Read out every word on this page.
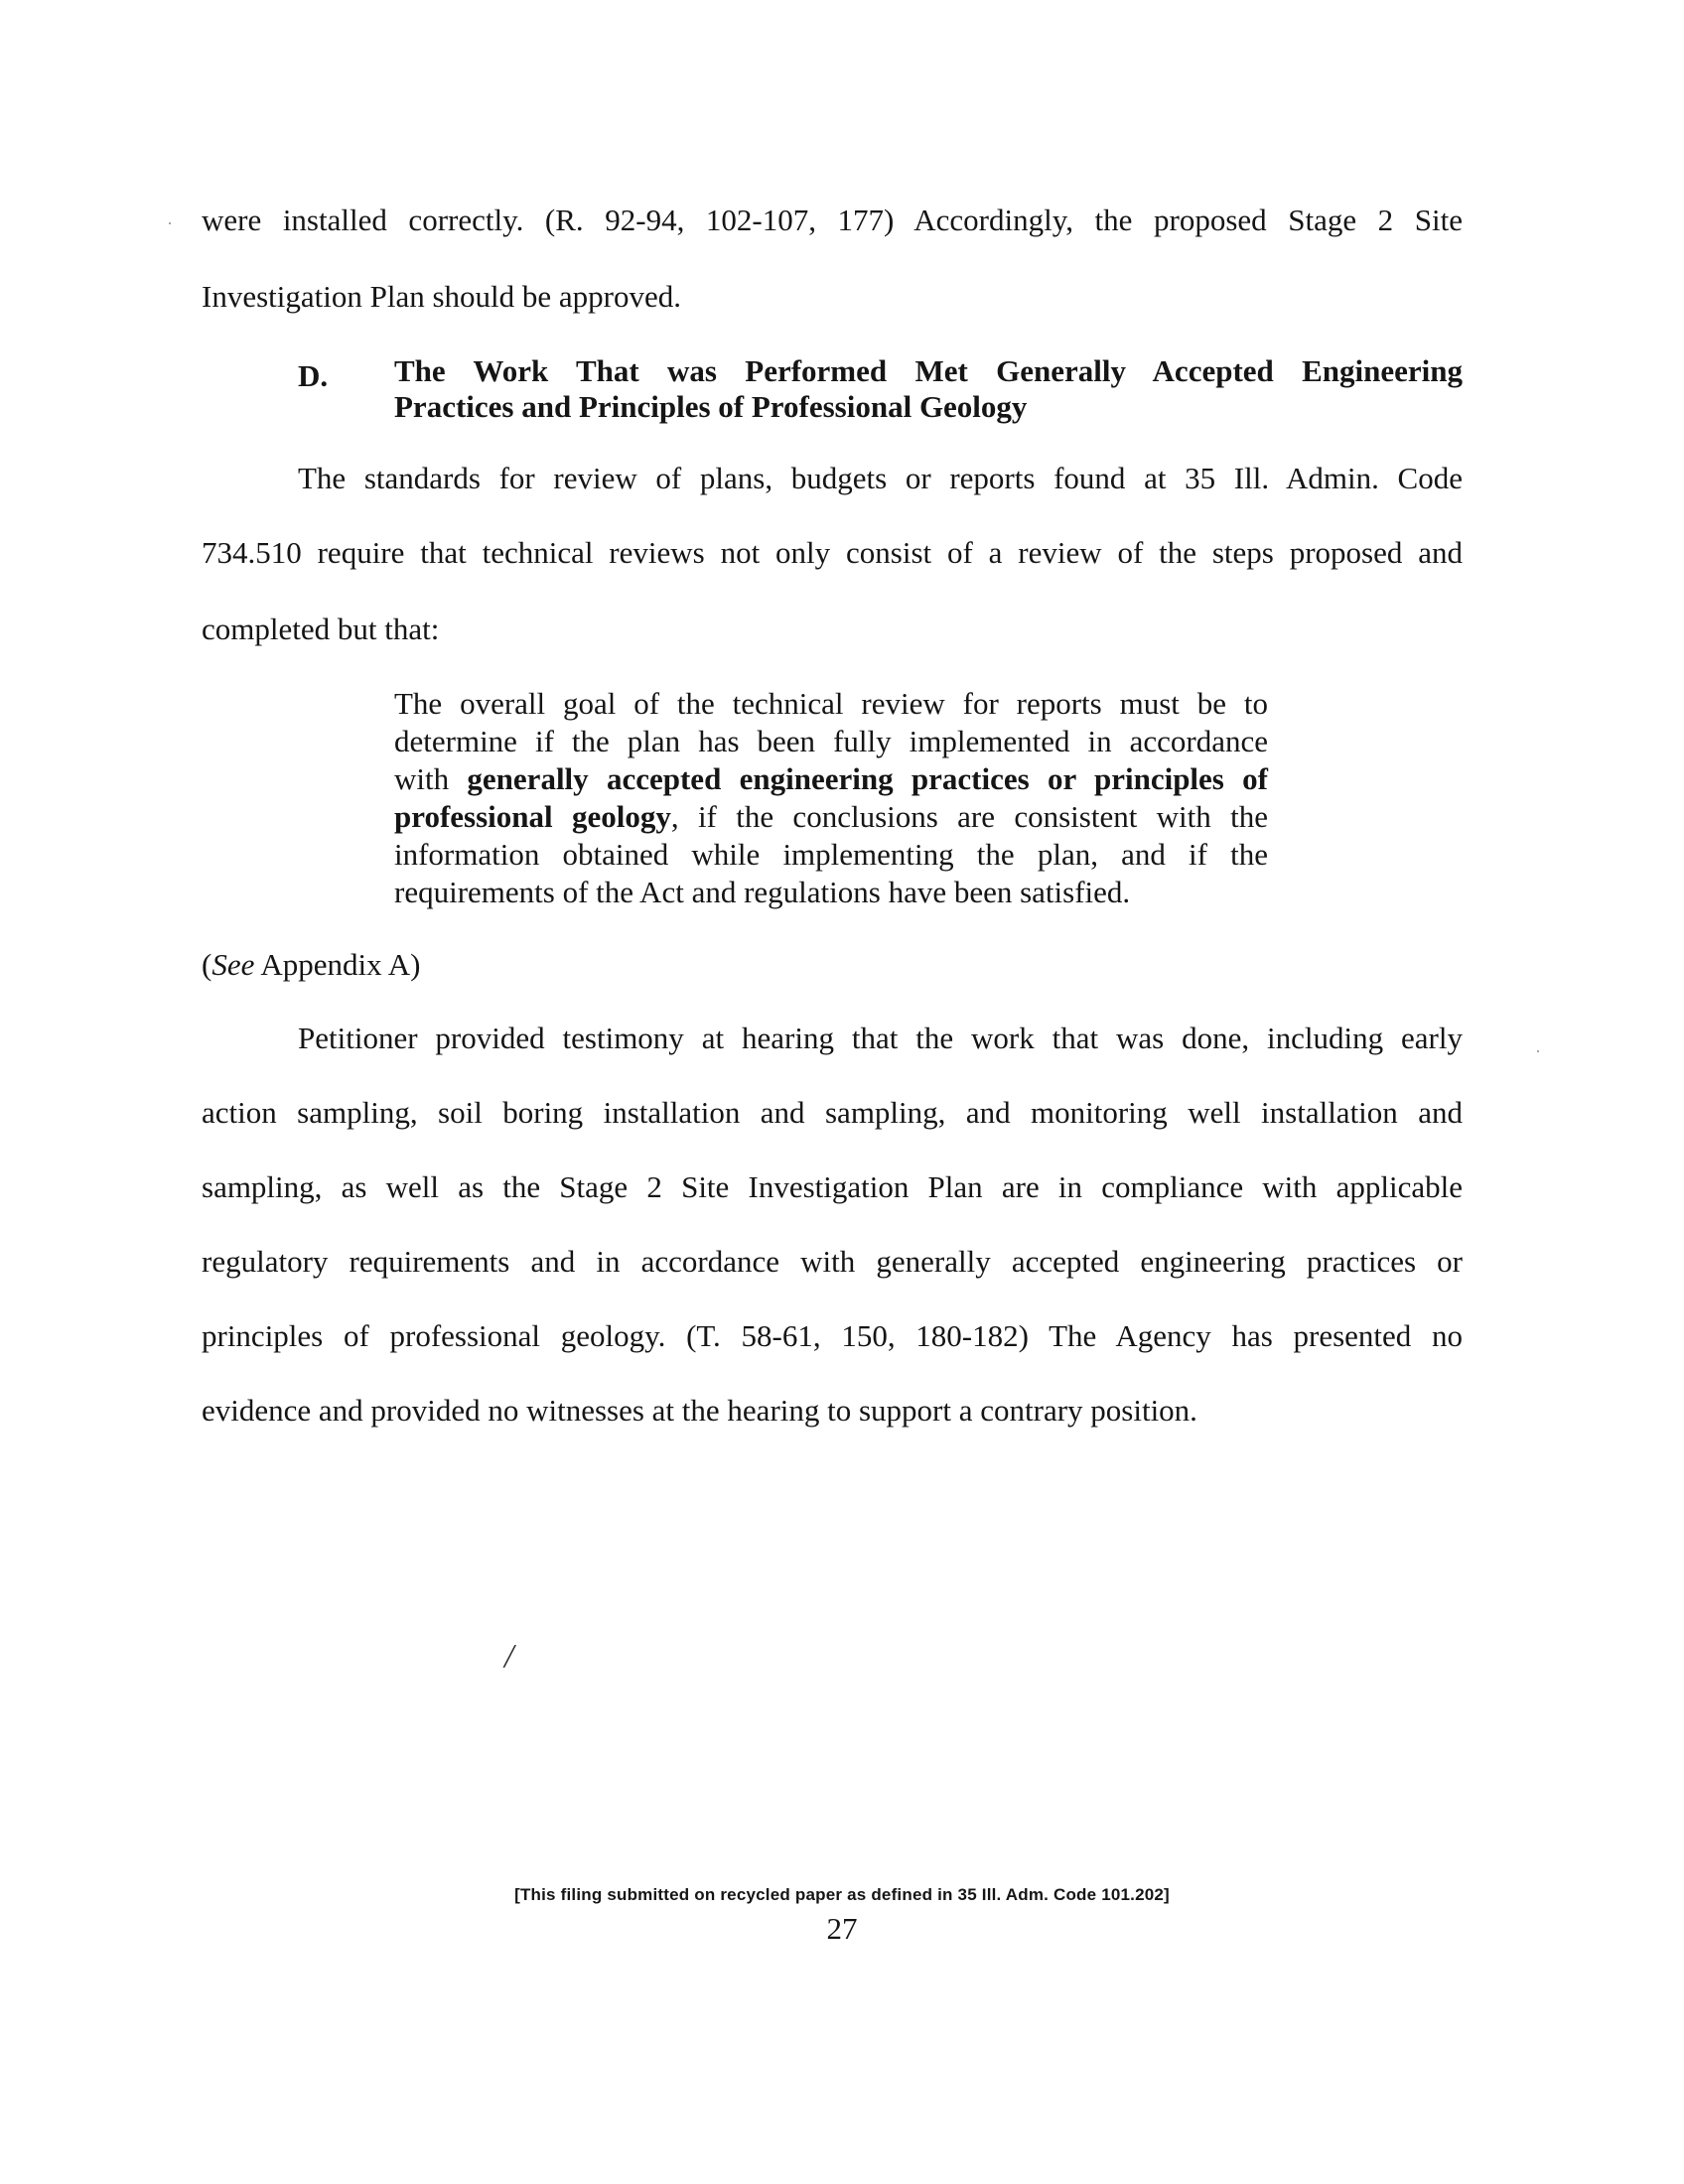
were installed correctly. (R. 92-94, 102-107, 177) Accordingly, the proposed Stage 2 Site
Investigation Plan should be approved.
D. The Work That was Performed Met Generally Accepted Engineering
Practices and Principles of Professional Geology
The standards for review of plans, budgets or reports found at 35 Ill. Admin. Code
734.510 require that technical reviews not only consist of a review of the steps proposed and
completed but that:
The overall goal of the technical review for reports must be to
determine if the plan has been fully implemented in accordance
with generally accepted engineering practices or principles of
professional geology, if the conclusions are consistent with the
information obtained while implementing the plan, and if the
requirements of the Act and regulations have been satisfied.
(See Appendix A)
Petitioner provided testimony at hearing that the work that was done, including early
action sampling, soil boring installation and sampling, and monitoring well installation and
sampling, as well as the Stage 2 Site Investigation Plan are in compliance with applicable
regulatory requirements and in accordance with generally accepted engineering practices or
principles of professional geology. (T. 58-61, 150, 180-182) The Agency has presented no
evidence and provided no witnesses at the hearing to support a contrary position.
/
[This filing submitted on recycled paper as defined in 35 Ill. Adm. Code 101.202]
27
